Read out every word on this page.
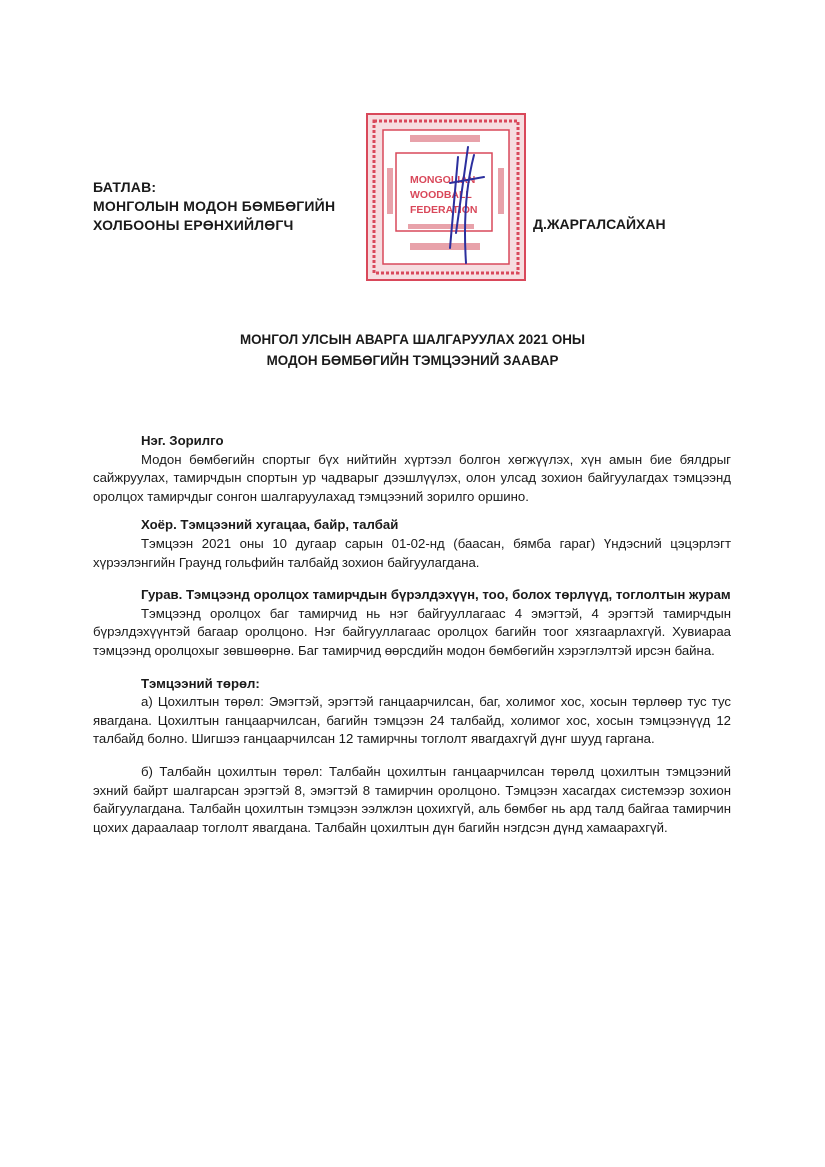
БАТЛАВ:
МОНГОЛЫН МОДОН БӨМБӨГИЙН
ХОЛБООНЫ ЕРӨНХИЙЛӨГЧ	Д.ЖАРГАЛСАЙХАН
MONGOLIAN
WOODBALL
FEDERATION
МОНГОЛ УЛСЫН АВАРГА ШАЛГАРУУЛАХ 2021 ОНЫ
МОДОН БӨМБӨГИЙН ТЭМЦЭЭНИЙ ЗААВАР

Нэг. Зорилго

Модон бөмбөгийн спортыг бүх нийтийн хүртээл болгон хөгжүүлэх, хүн амын бие бялдрыг сайжруулах, тамирчдын спортын ур чадварыг дээшлүүлэх, олон улсад зохион байгуулагдах тэмцээнд оролцох тамирчдыг сонгон шалгаруулахад тэмцээний зорилго оршино.

Хоёр. Тэмцээний хугацаа, байр, талбай

Тэмцээн 2021 оны 10 дугаар сарын 01-02-нд (баасан, бямба гараг) Үндэсний цэцэрлэгт хүрээлэнгийн Граунд гольфийн талбайд зохион байгуулагдана.

Гурав. Тэмцээнд оролцох тамирчдын бүрэлдэхүүн, тоо, болох төрлүүд, тоглолтын журам

Тэмцээнд оролцох баг тамирчид нь нэг байгууллагаас 4 эмэгтэй, 4 эрэгтэй тамирчдын бүрэлдэхүүнтэй багаар оролцоно. Нэг байгууллагаас оролцох багийн тоог хязгаарлахгүй. Хувиараа тэмцээнд оролцохыг зөвшөөрнө. Баг тамирчид өөрсдийн модон бөмбөгийн хэрэглэлтэй ирсэн байна.

Тэмцээний төрөл:

а) Цохилтын төрөл: Эмэгтэй, эрэгтэй ганцаарчилсан, баг, холимог хос, хосын төрлөөр тус тус явагдана. Цохилтын ганцаарчилсан, багийн тэмцээн 24 талбайд, холимог хос, хосын тэмцээнүүд 12 талбайд болно. Шигшээ ганцаарчилсан 12 тамирчны тоглолт явагдахгүй дүнг шууд гаргана.

б) Талбайн цохилтын төрөл: Талбайн цохилтын ганцаарчилсан төрөлд цохилтын тэмцээний эхний байрт шалгарсан эрэгтэй 8, эмэгтэй 8 тамирчин оролцоно. Тэмцээн хасагдах системээр зохион байгуулагдана. Талбайн цохилтын тэмцээн ээлжлэн цохихгүй, аль бөмбөг нь ард талд байгаа тамирчин цохих дараалаар тоглолт явагдана. Талбайн цохилтын дүн багийн нэгдсэн дүнд хамаарахгүй.
